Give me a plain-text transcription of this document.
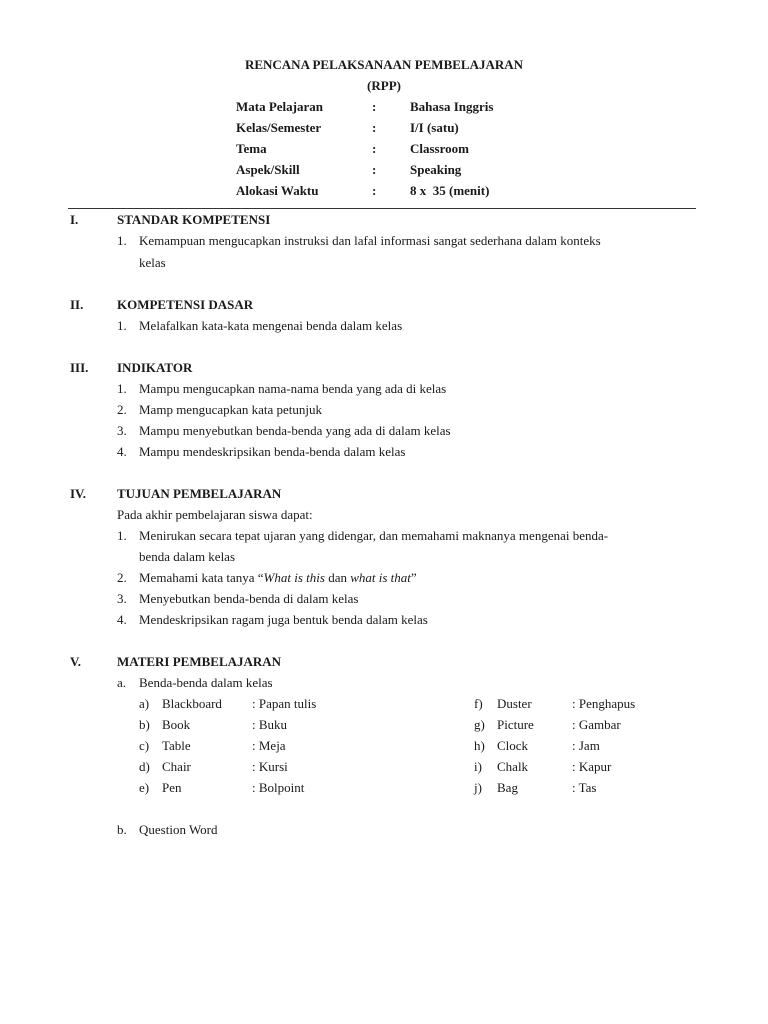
RENCANA PELAKSANAAN PEMBELAJARAN
(RPP)
Mata Pelajaran	:	Bahasa Inggris
Kelas/Semester	:	I/I (satu)
Tema	:	Classroom
Aspek/Skill	:	Speaking
Alokasi Waktu	:	8 x  35 (menit)
I.	STANDAR KOMPETENSI
1. Kemampuan mengucapkan instruksi dan lafal informasi sangat sederhana dalam konteks
kelas
II.	KOMPETENSI DASAR
1. Melafalkan kata-kata mengenai benda dalam kelas
III. INDIKATOR
1. Mampu mengucapkan nama-nama benda yang ada di kelas
2. Mamp mengucapkan kata petunjuk
3. Mampu menyebutkan benda-benda yang ada di dalam kelas
4. Mampu mendeskripsikan benda-benda dalam kelas
IV. TUJUAN PEMBELAJARAN
Pada akhir pembelajaran siswa dapat:
1. Menirukan secara tepat ujaran yang didengar, dan memahami maknanya mengenai benda-
benda dalam kelas
2. Memahami kata tanya “What is this dan what is that”
3. Menyebutkan benda-benda di dalam kelas
4. Mendeskripsikan ragam juga bentuk benda dalam kelas
V.	MATERI PEMBELAJARAN
a. Benda-benda dalam kelas
a) Blackboard : Papan tulis
b) Book	: Buku
c) Table	: Meja
d) Chair	: Kursi
e) Pen	: Bolpoint
f) Duster	: Penghapus
g) Picture	: Gambar
h) Clock	: Jam
i) Chalk	: Kapur
j) Bag	: Tas
b. Question Word
